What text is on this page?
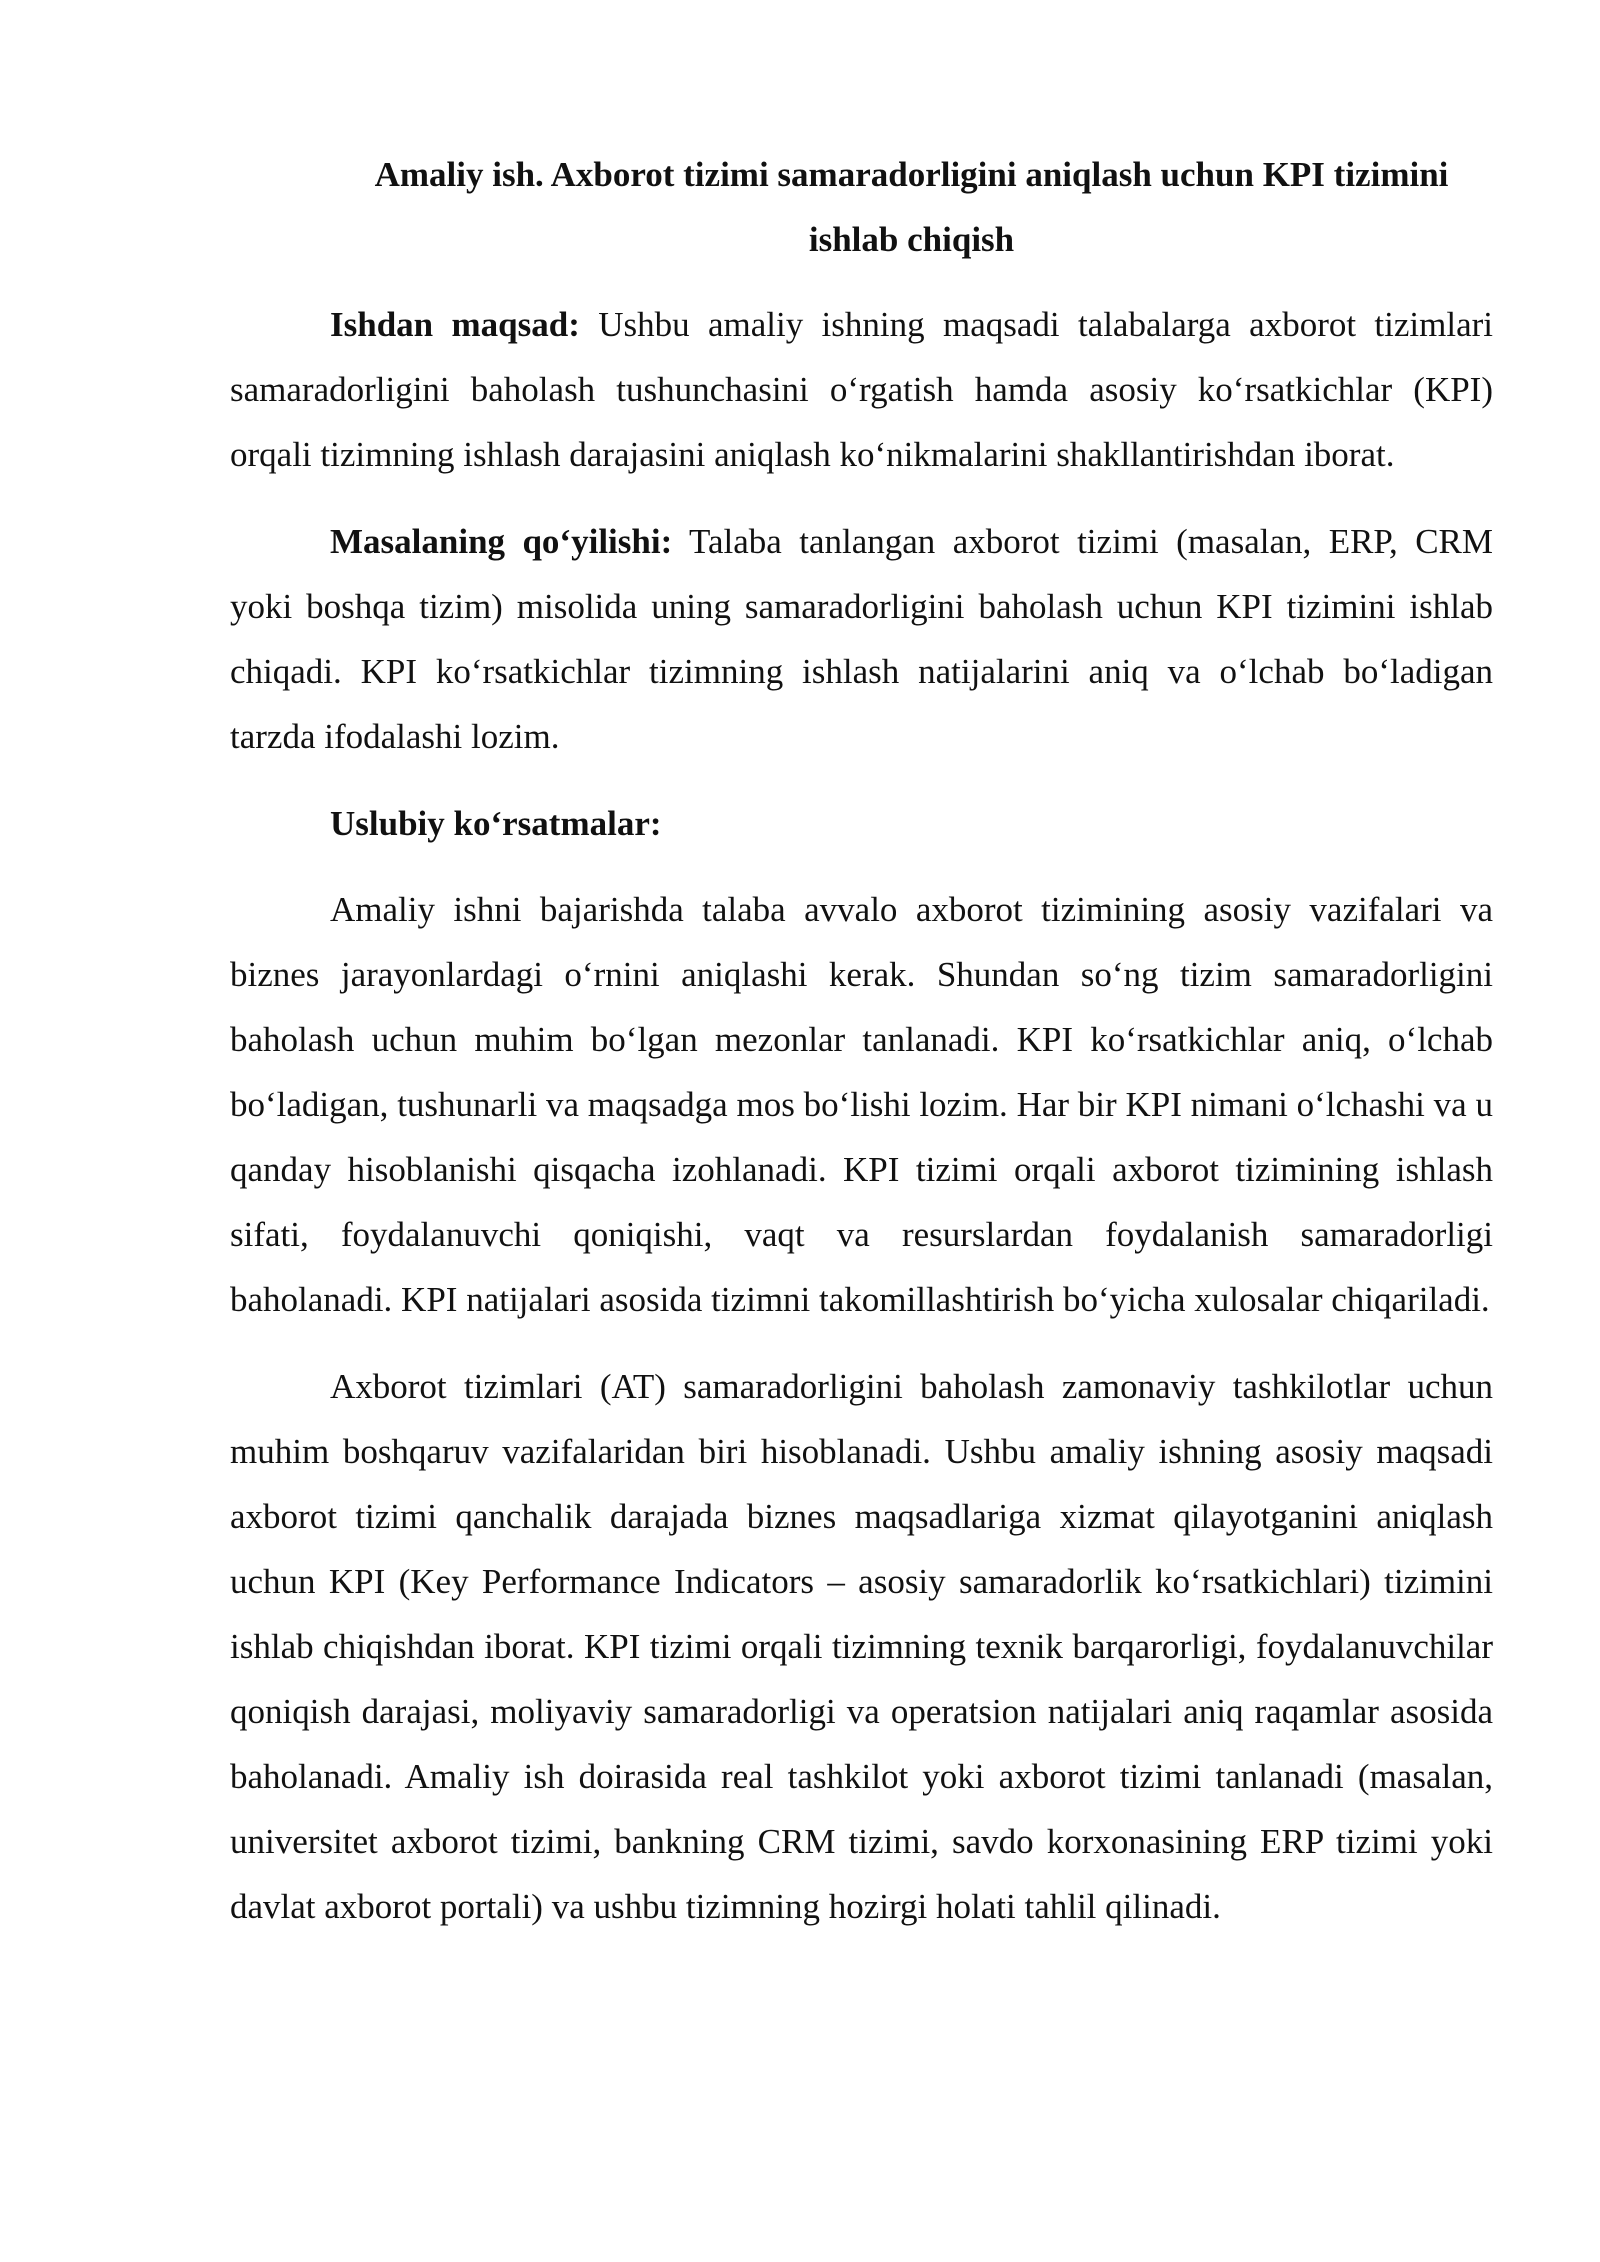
Amaliy ish. Axborot tizimi samaradorligini aniqlash uchun KPI tizimini ishlab chiqish

Ishdan maqsad: Ushbu amaliy ishning maqsadi talabalarga axborot tizimlari samaradorligini baholash tushunchasini oʻrgatish hamda asosiy koʻrsatkichlar (KPI) orqali tizimning ishlash darajasini aniqlash koʻnikmalarini shakllantirishdan iborat.

Masalaning qoʻyilishi: Talaba tanlangan axborot tizimi (masalan, ERP, CRM yoki boshqa tizim) misolida uning samaradorligini baholash uchun KPI tizimini ishlab chiqadi. KPI koʻrsatkichlar tizimning ishlash natijalarini aniq va oʻlchab boʻladigan tarzda ifodalashi lozim.

Uslubiy koʻrsatmalar:

Amaliy ishni bajarishda talaba avvalo axborot tizimining asosiy vazifalari va biznes jarayonlardagi oʻrnini aniqlashi kerak. Shundan soʻng tizim samaradorligini baholash uchun muhim boʻlgan mezonlar tanlanadi. KPI koʻrsatkichlar aniq, oʻlchab boʻladigan, tushunarli va maqsadga mos boʻlishi lozim. Har bir KPI nimani oʻlchashi va u qanday hisoblanishi qisqacha izohlanadi. KPI tizimi orqali axborot tizimining ishlash sifati, foydalanuvchi qoniqishi, vaqt va resurslardan foydalanish samaradorligi baholanadi. KPI natijalari asosida tizimni takomillashtirish boʻyicha xulosalar chiqariladi.

Axborot tizimlari (AT) samaradorligini baholash zamonaviy tashkilotlar uchun muhim boshqaruv vazifalaridan biri hisoblanadi. Ushbu amaliy ishning asosiy maqsadi axborot tizimi qanchalik darajada biznes maqsadlariga xizmat qilayotganini aniqlash uchun KPI (Key Performance Indicators – asosiy samaradorlik koʻrsatkichlari) tizimini ishlab chiqishdan iborat. KPI tizimi orqali tizimning texnik barqarorligi, foydalanuvchilar qoniqish darajasi, moliyaviy samaradorligi va operatsion natijalari aniq raqamlar asosida baholanadi. Amaliy ish doirasida real tashkilot yoki axborot tizimi tanlanadi (masalan, universitet axborot tizimi, bankning CRM tizimi, savdo korxonasining ERP tizimi yoki davlat axborot portali) va ushbu tizimning hozirgi holati tahlil qilinadi.
